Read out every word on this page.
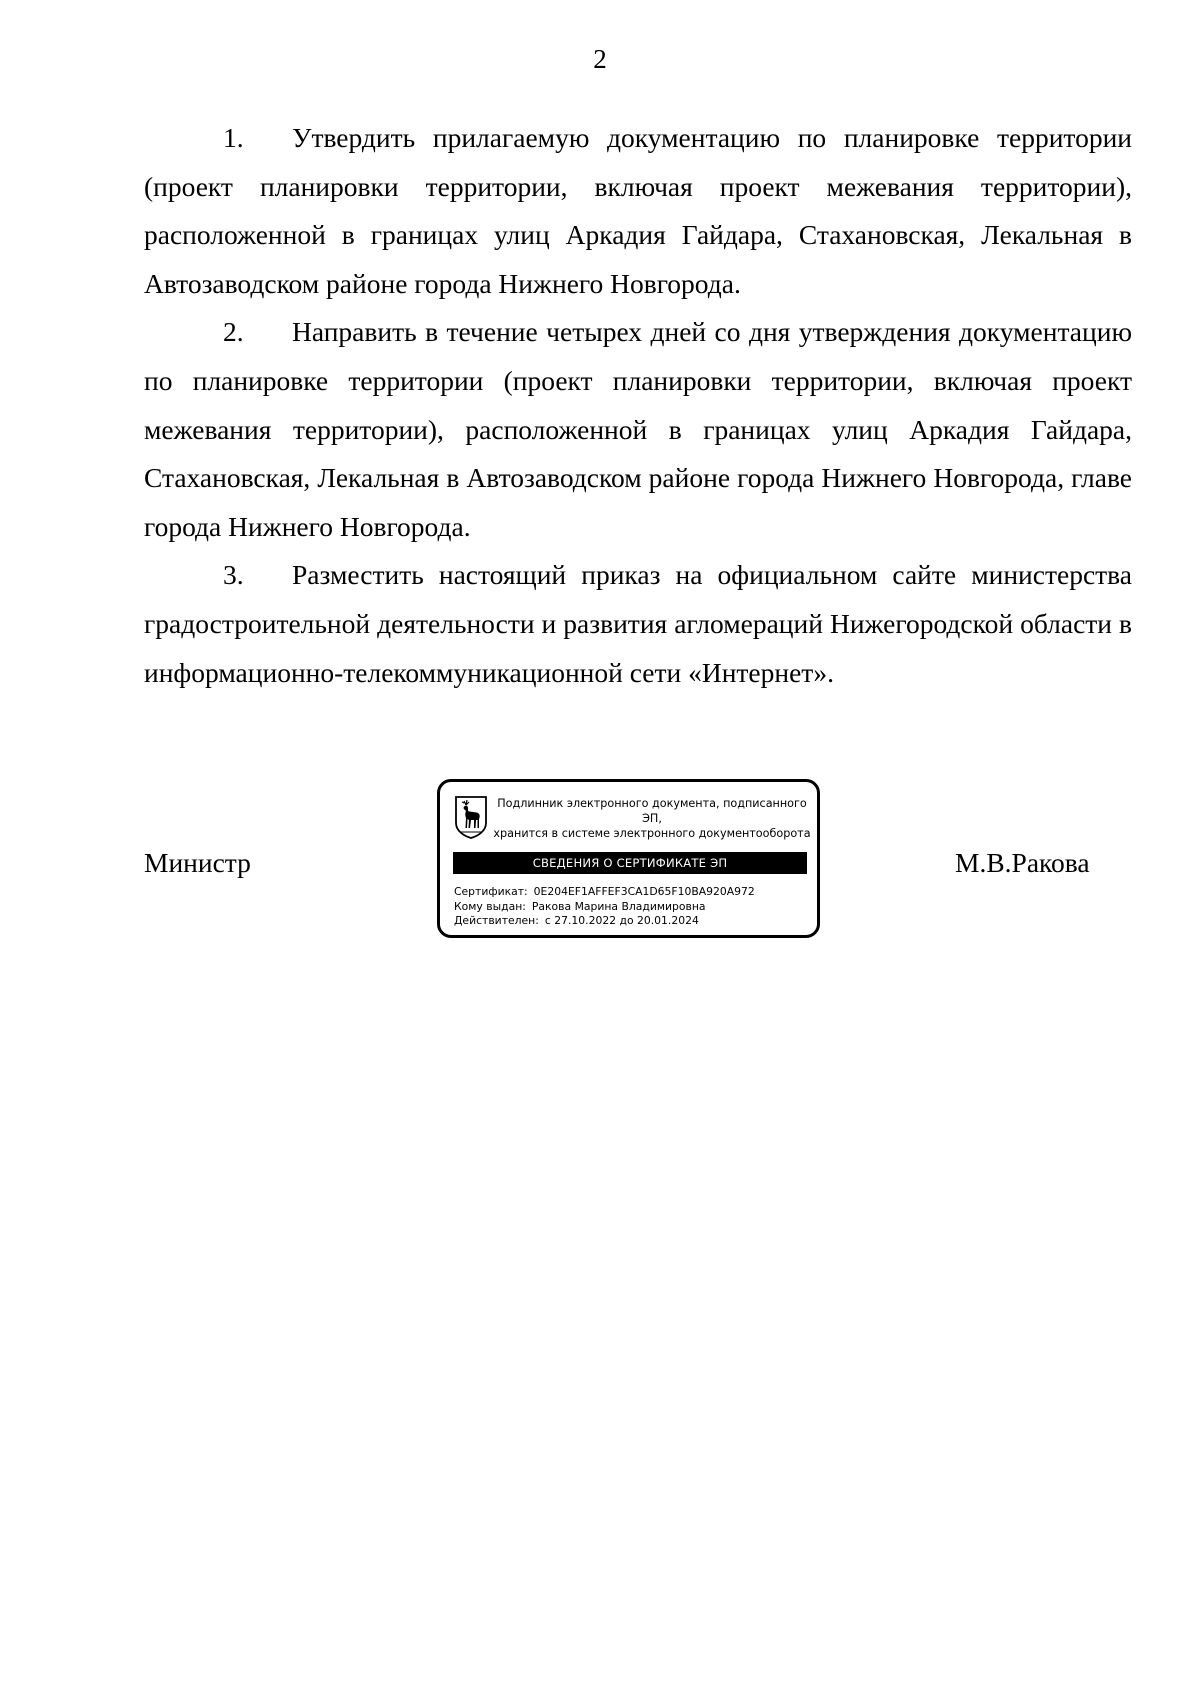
2

1. Утвердить прилагаемую документацию по планировке территории (проект планировки территории, включая проект межевания территории), расположенной в границах улиц Аркадия Гайдара, Стахановская, Лекальная в Автозаводском районе города Нижнего Новгорода.

2. Направить в течение четырех дней со дня утверждения документацию по планировке территории (проект планировки территории, включая проект межевания территории), расположенной в границах улиц Аркадия Гайдара, Стахановская, Лекальная в Автозаводском районе города Нижнего Новгорода, главе города Нижнего Новгорода.

3. Разместить настоящий приказ на официальном сайте министерства градостроительной деятельности и развития агломераций Нижегородской области в информационно-телекоммуникационной сети «Интернет».

Министр
Подлинник электронного документа, подписанного ЭП,
хранится в системе электронного документооборота
СВЕДЕНИЯ О СЕРТИФИКАТЕ ЭП
Сертификат: 0E204EF1AFFEF3CA1D65F10BA920A972
Кому выдан: Ракова Марина Владимировна
Действителен: с 27.10.2022 до 20.01.2024
М.В.Ракова
